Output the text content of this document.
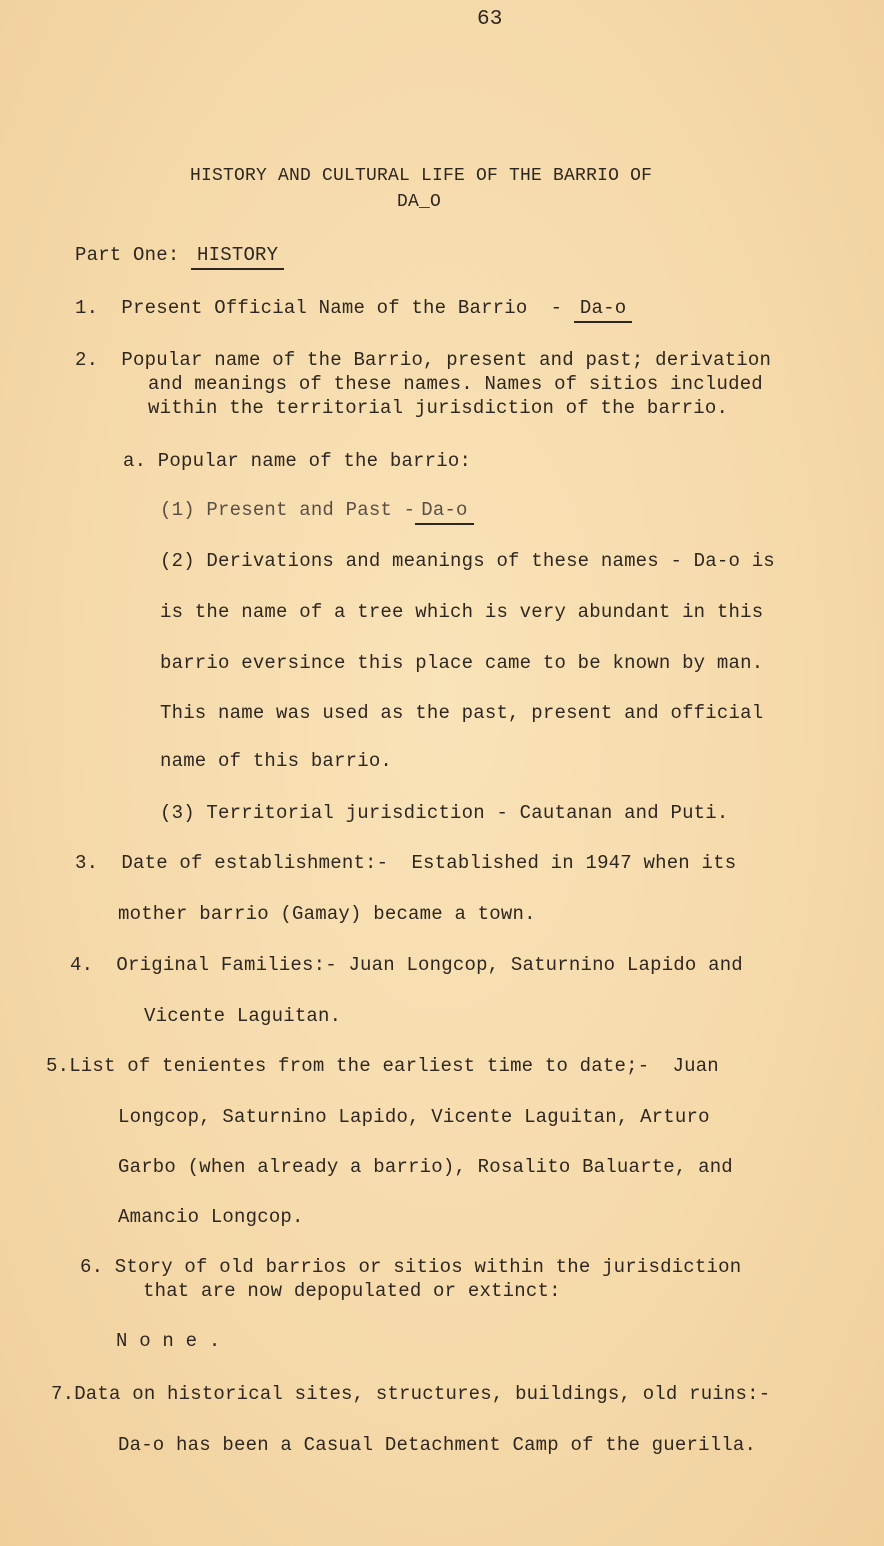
63
HISTORY AND CULTURAL LIFE OF THE BARRIO OF
DA_O
Part One: HISTORY
1.  Present Official Name of the Barrio  - Da-o
2.  Popular name of the Barrio, present and past; derivation
and meanings of these names. Names of sitios included
within the territorial jurisdiction of the barrio.
a. Popular name of the barrio:
(1) Present and Past - Da-o
(2) Derivations and meanings of these names - Da-o is
is the name of a tree which is very abundant in this
barrio eversince this place came to be known by man.
This name was used as the past, present and official
name of this barrio.
(3) Territorial jurisdiction - Cautanan and Puti.
3.  Date of establishment:-  Established in 1947 when its
mother barrio (Gamay) became a town.
4.  Original Families:- Juan Longcop, Saturnino Lapido and
Vicente Laguitan.
5.List of tenientes from the earliest time to date;-  Juan
Longcop, Saturnino Lapido, Vicente Laguitan, Arturo
Garbo (when already a barrio), Rosalito Baluarte, and
Amancio Longcop.
6. Story of old barrios or sitios within the jurisdiction
that are now depopulated or extinct:
N o n e .
7.Data on historical sites, structures, buildings, old ruins:-
Da-o has been a Casual Detachment Camp of the guerilla.
